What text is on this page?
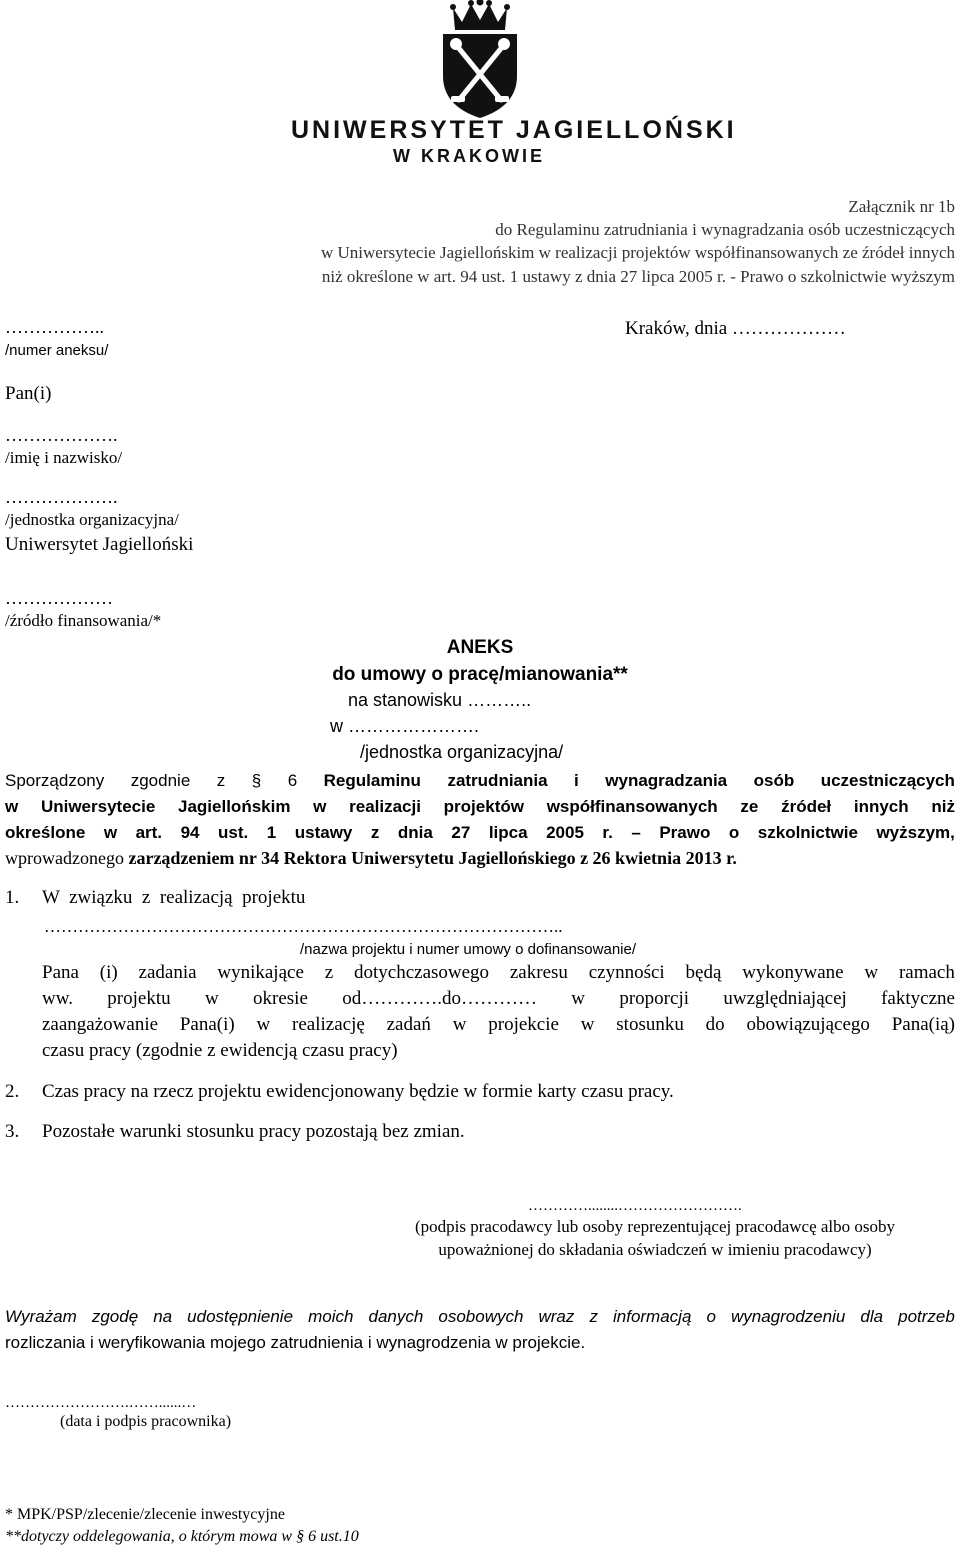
UNIWERSYTET JAGIELLOŃSKI
W KRAKOWIE
Załącznik nr 1b
do Regulaminu zatrudniania i wynagradzania osób uczestniczących
w Uniwersytecie Jagiellońskim w realizacji projektów współfinansowanych ze źródeł innych
niż określone w art. 94 ust. 1 ustawy z dnia 27 lipca 2005 r. - Prawo o szkolnictwie wyższym
……………..	Kraków, dnia ………………
/numer aneksu/
Pan(i)
……………….
/imię i nazwisko/
……………….
/jednostka organizacyjna/
Uniwersytet Jagielloński
………………
/źródło finansowania/*
ANEKS
do umowy o pracę/mianowania**
na stanowisku ………..
w ………………….
/jednostka organizacyjna/
Sporządzony zgodnie z § 6 Regulaminu zatrudniania i wynagradzania osób uczestniczących
w Uniwersytecie Jagiellońskim w realizacji projektów współfinansowanych ze źródeł innych niż
określone w art. 94 ust. 1 ustawy z dnia 27 lipca 2005 r. – Prawo o szkolnictwie wyższym,
wprowadzonego zarządzeniem nr 34 Rektora Uniwersytetu Jagiellońskiego z 26 kwietnia 2013 r.
1. W  związku  z  realizacją  projektu
………………………………………………………………………………..
/nazwa projektu i numer umowy o dofinansowanie/
Pana (i) zadania wynikające z dotychczasowego zakresu czynności będą wykonywane w ramach
ww. projektu w okresie od………….do………… w proporcji uwzględniającej faktyczne
zaangażowanie Pana(i) w realizację zadań w projekcie w stosunku do obowiązującego Pana(ią)
czasu pracy (zgodnie z ewidencją czasu pracy)
2. Czas pracy na rzecz projektu ewidencjonowany będzie w formie karty czasu pracy.
3. Pozostałe warunki stosunku pracy pozostają bez zmian.
…………........…………………….
(podpis pracodawcy lub osoby reprezentującej pracodawcę albo osoby
upoważnionej do składania oświadczeń w imieniu pracodawcy)
Wyrażam zgodę na udostępnienie moich danych osobowych wraz z informacją o wynagrodzeniu dla potrzeb
rozliczania i weryfikowania mojego zatrudnienia i wynagrodzenia w projekcie.
…………………….……......…
(data i podpis pracownika)
* MPK/PSP/zlecenie/zlecenie inwestycyjne
**dotyczy oddelegowania, o którym mowa w § 6 ust.10
